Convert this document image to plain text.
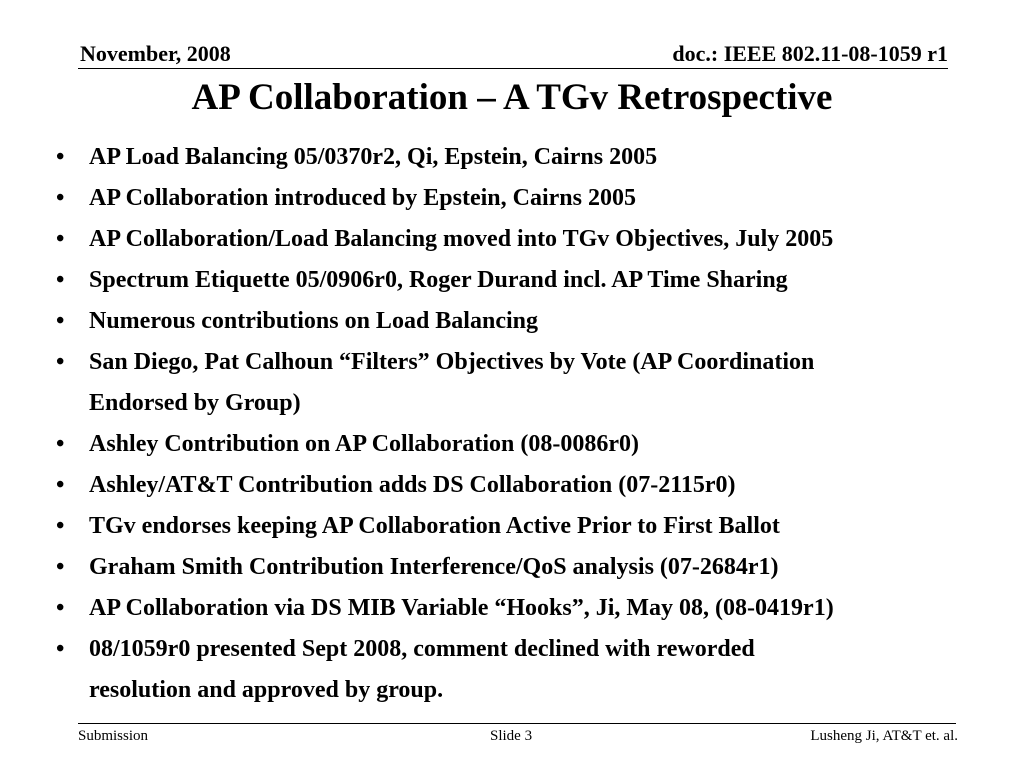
November, 2008	doc.: IEEE 802.11-08-1059 r1
AP Collaboration – A TGv Retrospective
• AP Load Balancing 05/0370r2, Qi, Epstein, Cairns 2005
• AP Collaboration introduced by Epstein, Cairns 2005
• AP Collaboration/Load Balancing moved into TGv Objectives, July 2005
• Spectrum Etiquette 05/0906r0, Roger Durand incl. AP Time Sharing
• Numerous contributions on Load Balancing
• San Diego, Pat Calhoun “Filters” Objectives by Vote (AP Coordination
Endorsed by Group)
• Ashley Contribution on AP Collaboration (08-0086r0)
• Ashley/AT&T Contribution adds DS Collaboration (07-2115r0)
• TGv endorses keeping AP Collaboration Active Prior to First Ballot
• Graham Smith Contribution Interference/QoS analysis (07-2684r1)
• AP Collaboration via DS MIB Variable “Hooks”, Ji, May 08, (08-0419r1)
• 08/1059r0 presented Sept 2008, comment declined with reworded
resolution and approved by group.
Submission	Slide 3	Lusheng Ji, AT&T et. al.
